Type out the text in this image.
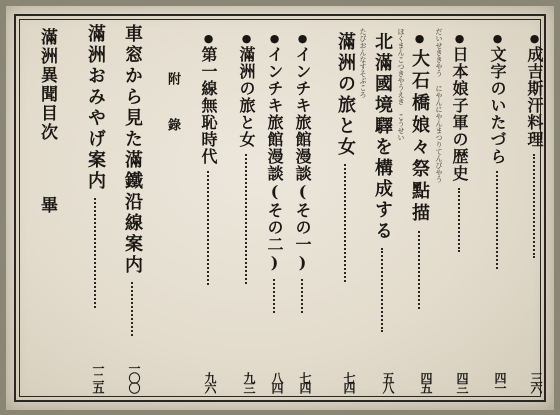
●成吉斯汗料理
三六
●文字のいたづら
四一
●日本娘子軍の歴史
四三
だいせききやう にやんにやんまつりてんびやう
●大石橋娘々祭點描
四五
ほくまんこつきやうえき こうせい
北滿國境驛を構成する
五八
たびおんなすそぶころ
滿洲の旅と女
七四
●インチキ旅館漫談(その一)
七四
●インチキ旅館漫談(その二)
八四
●滿洲の旅と女
九三
●第一線無恥時代
九六
附　錄
車窓から見た滿鐵沿線案内
一〇〇
滿洲おみやげ案内
一二五
滿洲異聞目次
畢
